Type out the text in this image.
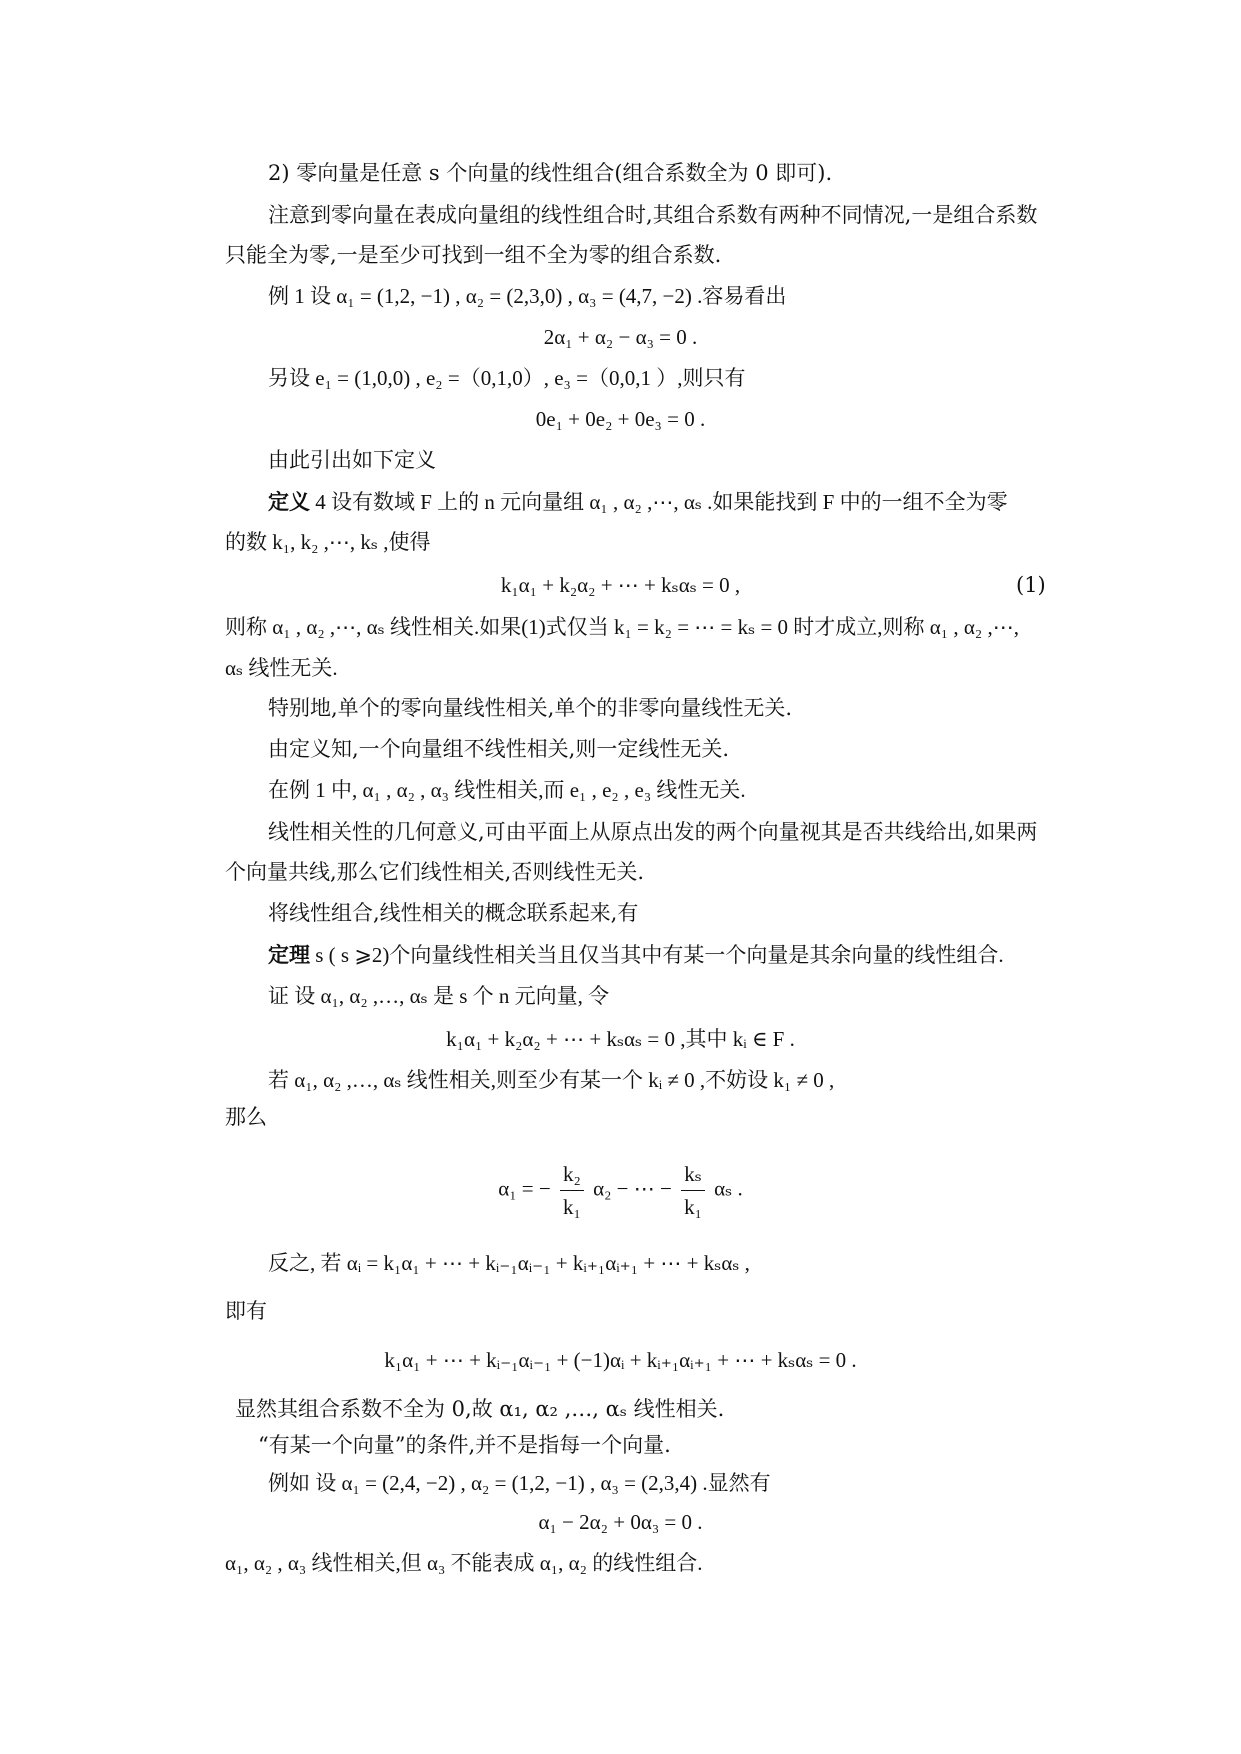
2) 零向量是任意 s 个向量的线性组合(组合系数全为 0 即可).
注意到零向量在表成向量组的线性组合时,其组合系数有两种不同情况,一是组合系数
只能全为零,一是至少可找到一组不全为零的组合系数.
例 1 设 α₁ = (1,2, −1) , α₂ = (2,3,0) , α₃ = (4,7, −2) .容易看出
2α₁ + α₂ − α₃ = 0 .
另设 e₁ = (1,0,0) , e₂ =（0,1,0）, e₃ =（0,0,1 ）,则只有
0e₁ + 0e₂ + 0e₃ = 0 .
由此引出如下定义
定义 4 设有数域 F 上的 n 元向量组 α₁ , α₂ ,⋯, αₛ .如果能找到 F 中的一组不全为零
的数 k₁, k₂ ,⋯, kₛ ,使得
k₁α₁ + k₂α₂ + ⋯ + kₛαₛ = 0 ,	(1)
则称 α₁ , α₂ ,⋯, αₛ 线性相关.如果(1)式仅当 k₁ = k₂ = ⋯ = kₛ = 0 时才成立,则称 α₁ , α₂ ,⋯,
αₛ 线性无关.
特别地,单个的零向量线性相关,单个的非零向量线性无关.
由定义知,一个向量组不线性相关,则一定线性无关.
在例 1 中, α₁ , α₂ , α₃ 线性相关,而 e₁ , e₂ , e₃ 线性无关.
线性相关性的几何意义,可由平面上从原点出发的两个向量视其是否共线给出,如果两
个向量共线,那么它们线性相关,否则线性无关.
将线性组合,线性相关的概念联系起来,有
定理 s ( s ⩾2)个向量线性相关当且仅当其中有某一个向量是其余向量的线性组合.
证 设 α₁, α₂ ,…, αₛ 是 s 个 n 元向量, 令
k₁α₁ + k₂α₂ + ⋯ + kₛαₛ = 0 ,其中 kᵢ ∈ F .
若 α₁, α₂ ,…, αₛ 线性相关,则至少有某一个 kᵢ ≠ 0 ,不妨设 k₁ ≠ 0 ,
那么
α₁ = − $\frac{\text{k₂}}{\text{k₁}} \alpha_2$ − ⋯ − $\frac{\text{kₛ}}{\text{k₁}}$ αₛ .
反之, 若 αᵢ = k₁α₁ + ⋯ + kᵢ₋₁αᵢ₋₁ + kᵢ₊₁αᵢ₊₁ + ⋯ + kₛαₛ ,
即有
k₁α₁ + ⋯ + kᵢ₋₁αᵢ₋₁ + (−1)αᵢ + kᵢ₊₁αᵢ₊₁ + ⋯ + kₛαₛ = 0 .
显然其组合系数不全为 0,故 α₁, α₂ ,…, αₛ 线性相关.
“有某一个向量”的条件,并不是指每一个向量.
例如 设 α₁ = (2,4, −2) , α₂ = (1,2, −1) , α₃ = (2,3,4) .显然有
α₁ − 2α₂ + 0α₃ = 0 .
α₁, α₂ , α₃ 线性相关,但 α₃ 不能表成 α₁, α₂ 的线性组合.
